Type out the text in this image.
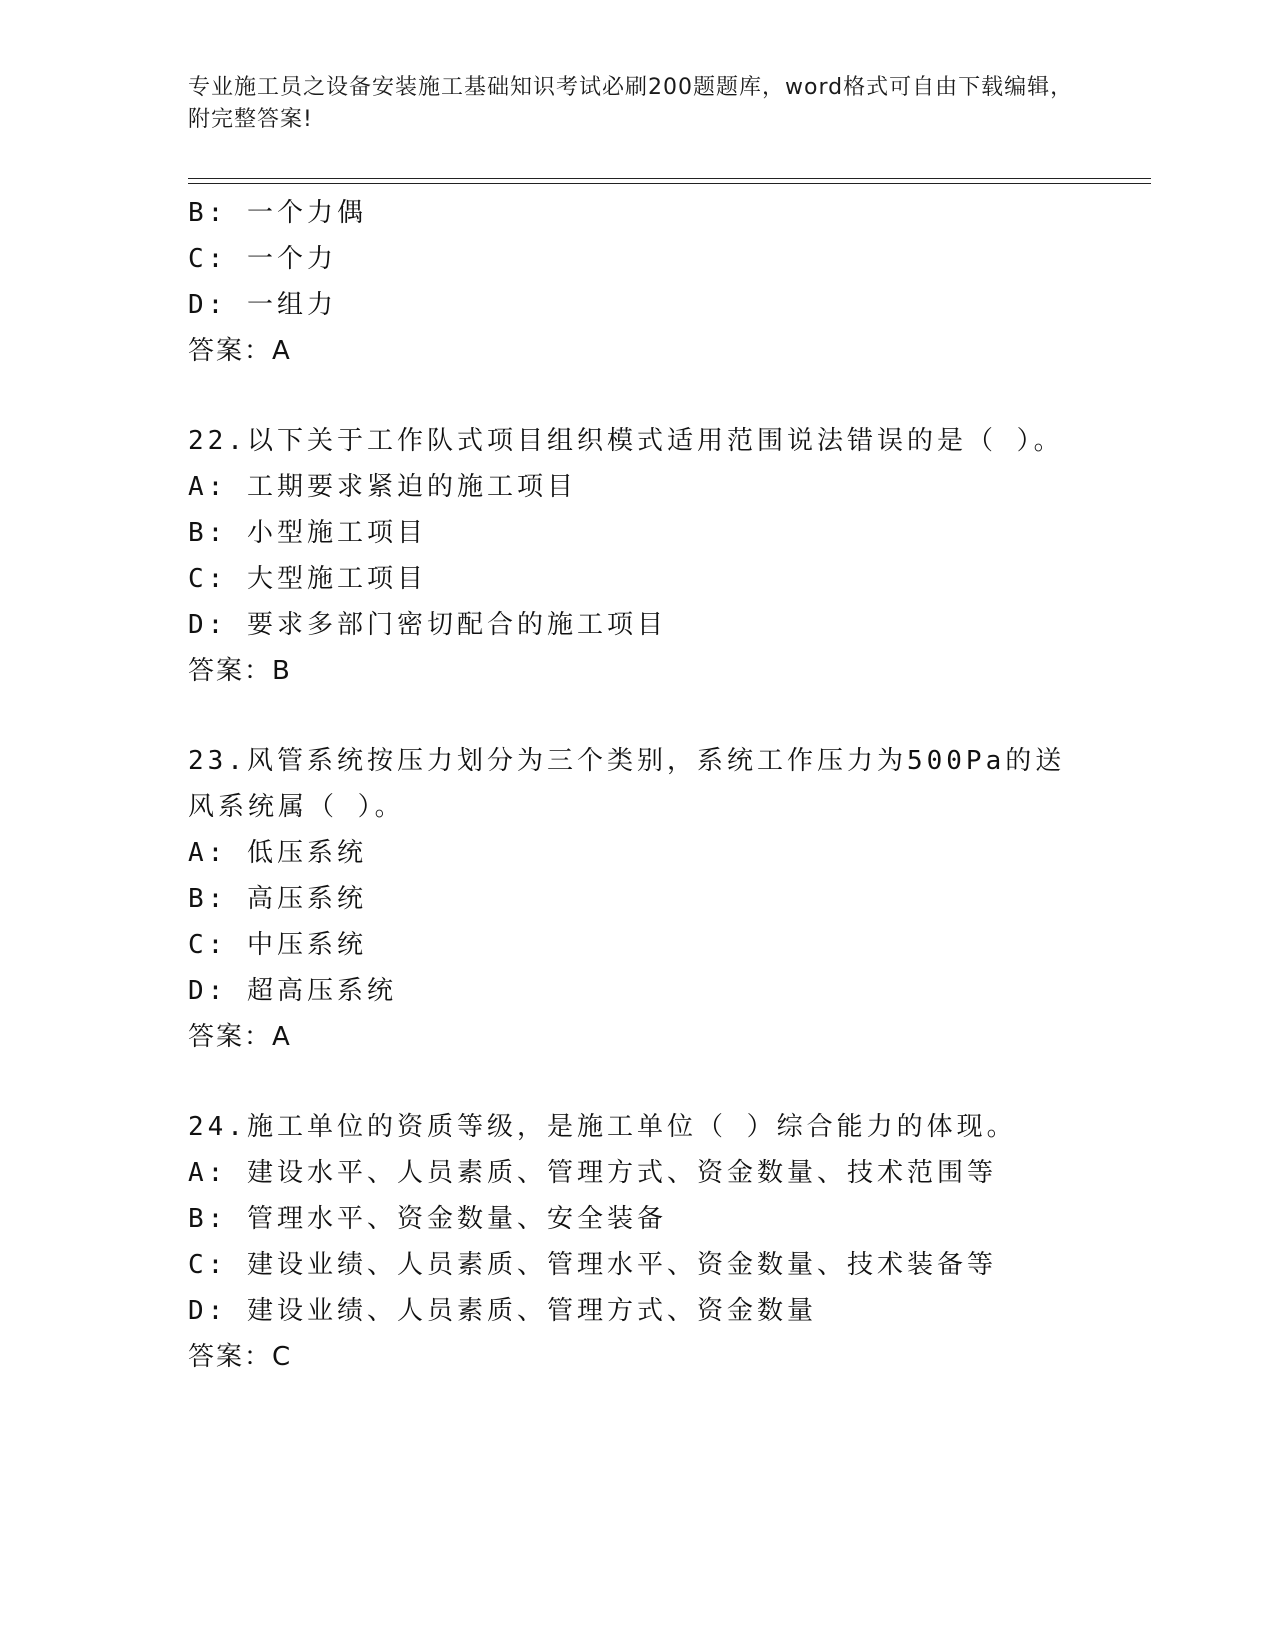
专业施工员之设备安装施工基础知识考试必刷200题题库，word格式可自由下载编辑，附完整答案!
B: 一个力偶
C: 一个力
D: 一组力
答案：A
22.以下关于工作队式项目组织模式适用范围说法错误的是（ ）。
A: 工期要求紧迫的施工项目
B: 小型施工项目
C: 大型施工项目
D: 要求多部门密切配合的施工项目
答案：B
23.风管系统按压力划分为三个类别，系统工作压力为500Pa的送风系统属（ ）。
A: 低压系统
B: 高压系统
C: 中压系统
D: 超高压系统
答案：A
24.施工单位的资质等级，是施工单位（ ）综合能力的体现。
A: 建设水平、人员素质、管理方式、资金数量、技术范围等
B: 管理水平、资金数量、安全装备
C: 建设业绩、人员素质、管理水平、资金数量、技术装备等
D: 建设业绩、人员素质、管理方式、资金数量
答案：C
